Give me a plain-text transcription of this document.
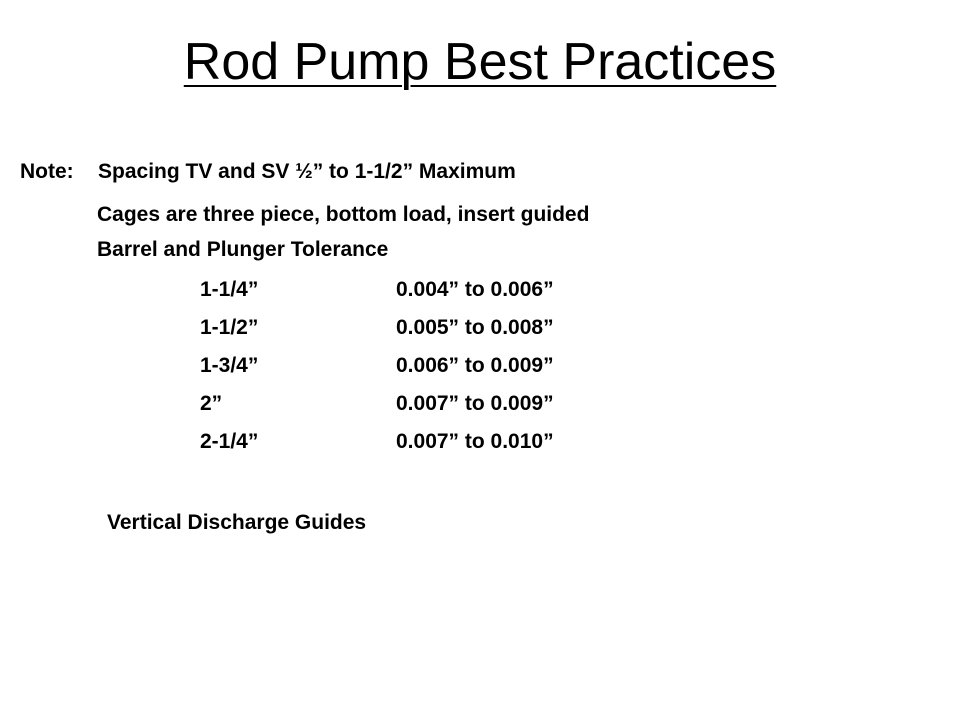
Rod Pump Best Practices
Note: Spacing TV and SV ½” to 1-1/2” Maximum
Cages are three piece, bottom load, insert guided
Barrel and Plunger Tolerance
1-1/4”	0.004” to 0.006”
1-1/2”	0.005” to 0.008”
1-3/4”	0.006” to 0.009”
2”	0.007” to 0.009”
2-1/4”	0.007” to 0.010”
Vertical Discharge Guides
